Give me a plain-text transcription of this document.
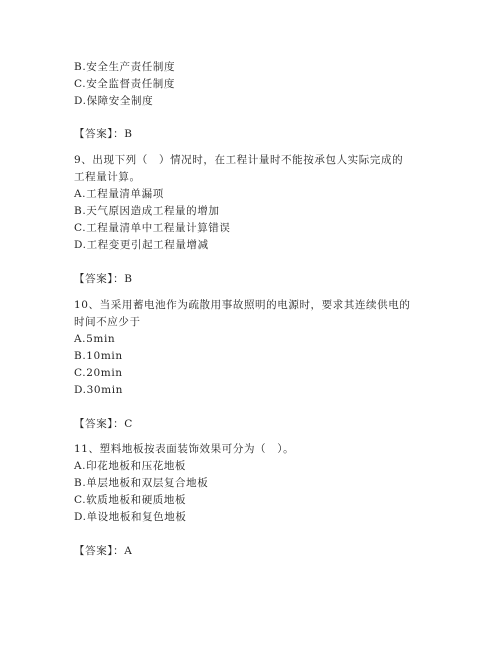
B.安全生产责任制度
C.安全监督责任制度
D.保障安全制度
【答案】：B
9、出现下列（　）情况时，在工程计量时不能按承包人实际完成的
工程量计算。
A.工程量清单漏项
B.天气原因造成工程量的增加
C.工程量清单中工程量计算错误
D.工程变更引起工程量增减
【答案】：B
10、当采用蓄电池作为疏散用事故照明的电源时，要求其连续供电的
时间不应少于
A.5min
B.10min
C.20min
D.30min
【答案】：C
11、塑料地板按表面装饰效果可分为（　）。
A.印花地板和压花地板
B.单层地板和双层复合地板
C.软质地板和硬质地板
D.单设地板和复色地板
【答案】：A
